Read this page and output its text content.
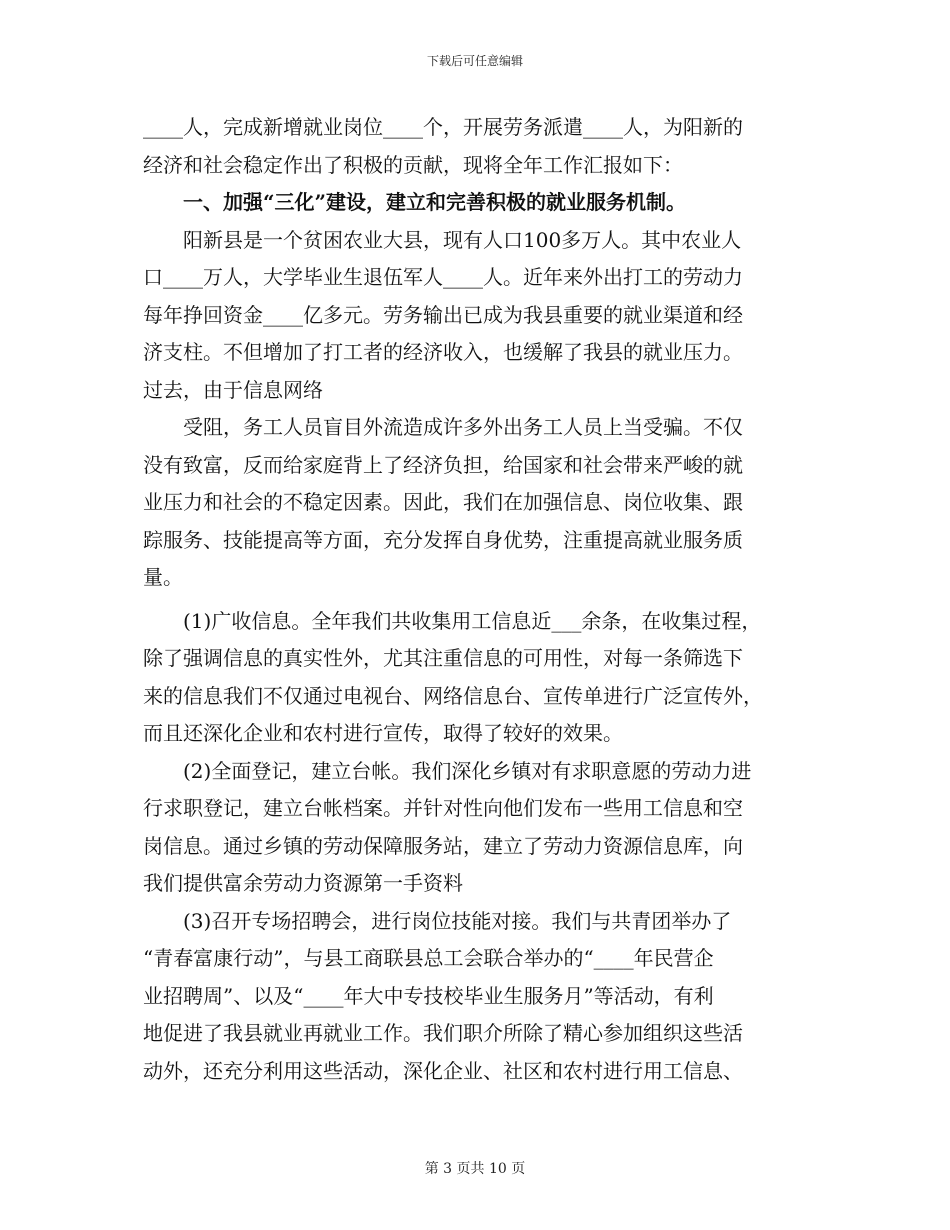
下载后可任意编辑

____人，完成新增就业岗位____个，开展劳务派遣____人，为阳新的

经济和社会稳定作出了积极的贡献，现将全年工作汇报如下：

一、加强“三化”建设，建立和完善积极的就业服务机制。

阳新县是一个贫困农业大县，现有人口100多万人。其中农业人

口____万人，大学毕业生退伍军人____人。近年来外出打工的劳动力

每年挣回资金____亿多元。劳务输出已成为我县重要的就业渠道和经

济支柱。不但增加了打工者的经济收入，也缓解了我县的就业压力。

过去，由于信息网络

受阻，务工人员盲目外流造成许多外出务工人员上当受骗。不仅

没有致富，反而给家庭背上了经济负担，给国家和社会带来严峻的就

业压力和社会的不稳定因素。因此，我们在加强信息、岗位收集、跟

踪服务、技能提高等方面，充分发挥自身优势，注重提高就业服务质

量。

(1)广收信息。全年我们共收集用工信息近___余条，在收集过程，

除了强调信息的真实性外，尤其注重信息的可用性，对每一条筛选下

来的信息我们不仅通过电视台、网络信息台、宣传单进行广泛宣传外，

而且还深化企业和农村进行宣传，取得了较好的效果。

(2)全面登记，建立台帐。我们深化乡镇对有求职意愿的劳动力进

行求职登记，建立台帐档案。并针对性向他们发布一些用工信息和空

岗信息。通过乡镇的劳动保障服务站，建立了劳动力资源信息库，向

我们提供富余劳动力资源第一手资料

(3)召开专场招聘会，进行岗位技能对接。我们与共青团举办了

“青春富康行动”，与县工商联县总工会联合举办的“____年民营企

业招聘周”、以及“____年大中专技校毕业生服务月”等活动，有利

地促进了我县就业再就业工作。我们职介所除了精心参加组织这些活

动外，还充分利用这些活动，深化企业、社区和农村进行用工信息、

第 3 页共 10 页
